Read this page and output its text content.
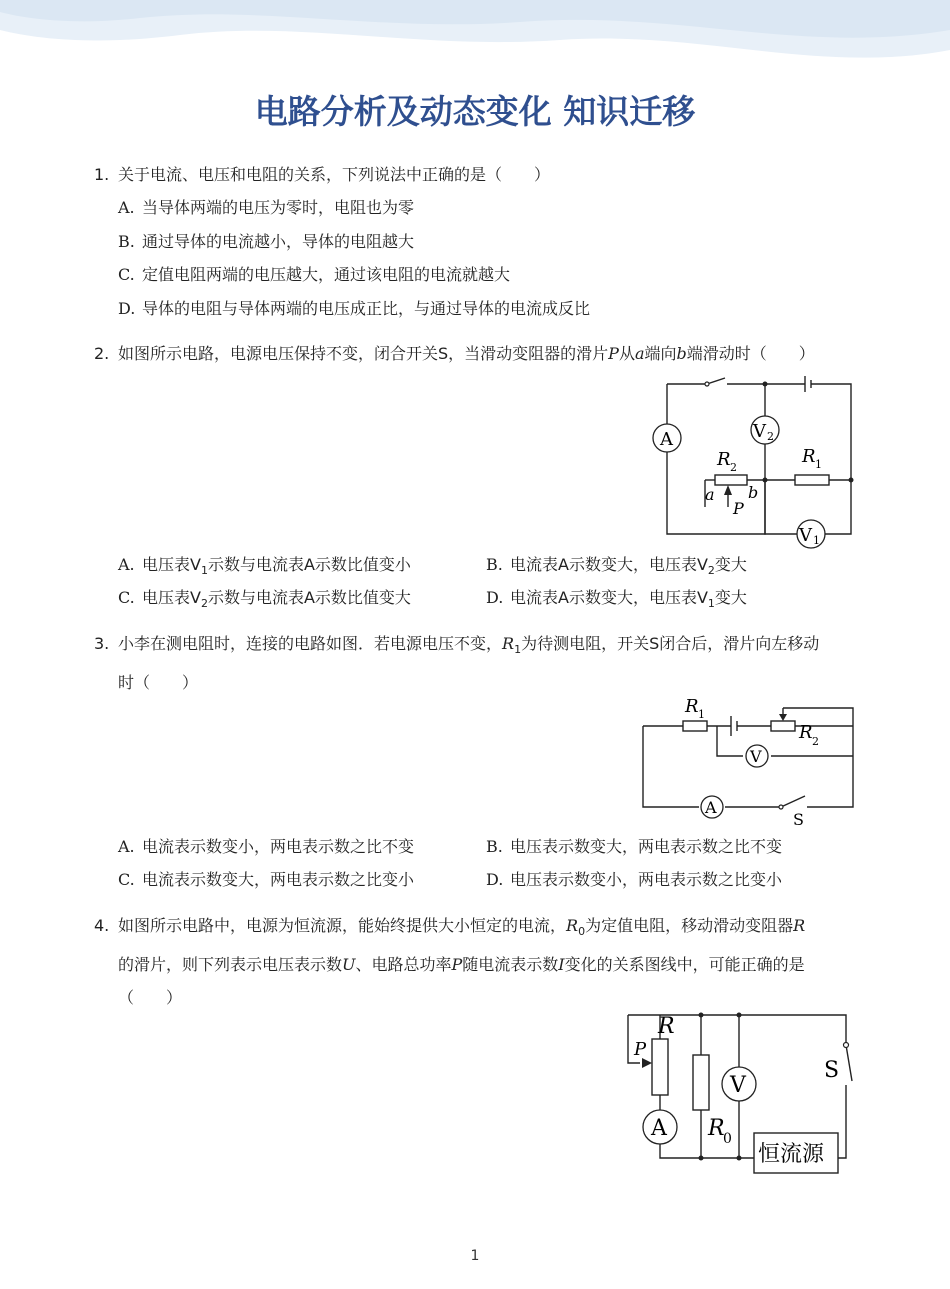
电路分析及动态变化 知识迁移
1. 关于电流、电压和电阻的关系，下列说法中正确的是（　　）
A. 当导体两端的电压为零时，电阻也为零
B. 通过导体的电流越小，导体的电阻越大
C. 定值电阻两端的电压越大，通过该电阻的电流就越大
D. 导体的电阻与导体两端的电压成正比，与通过导体的电流成反比
2. 如图所示电路，电源电压保持不变，闭合开关S，当滑动变阻器的滑片P从a端向b端滑动时（　　）
A	V 2
V 1
R 2
R 1
a b
P
A. 电压表$V_1$示数与电流表A示数比值变小	B. 电流表A示数变大，电压表$V_2$变大
C. 电压表$V_2$示数与电流表A示数比值变大	D. 电流表A示数变大，电压表$V_1$变大
3. 小李在测电阻时，连接的电路如图．若电源电压不变，$R_1$为待测电阻，开关S闭合后，滑片向左移动
时（　　）
V
A
R 1
R 2
S
A. 电流表示数变小，两电表示数之比不变	B. 电压表示数变大，两电表示数之比不变
C. 电流表示数变大，两电表示数之比变小	D. 电压表示数变小，两电表示数之比变小
4. 如图所示电路中，电源为恒流源，能始终提供大小恒定的电流，$R_0$为定值电阻，移动滑动变阻器R
的滑片，则下列表示电压表示数U、电路总功率P随电流表示数I变化的关系图线中，可能正确的是
（　　）
A
V
R
P
R
0
S
恒流源
1
